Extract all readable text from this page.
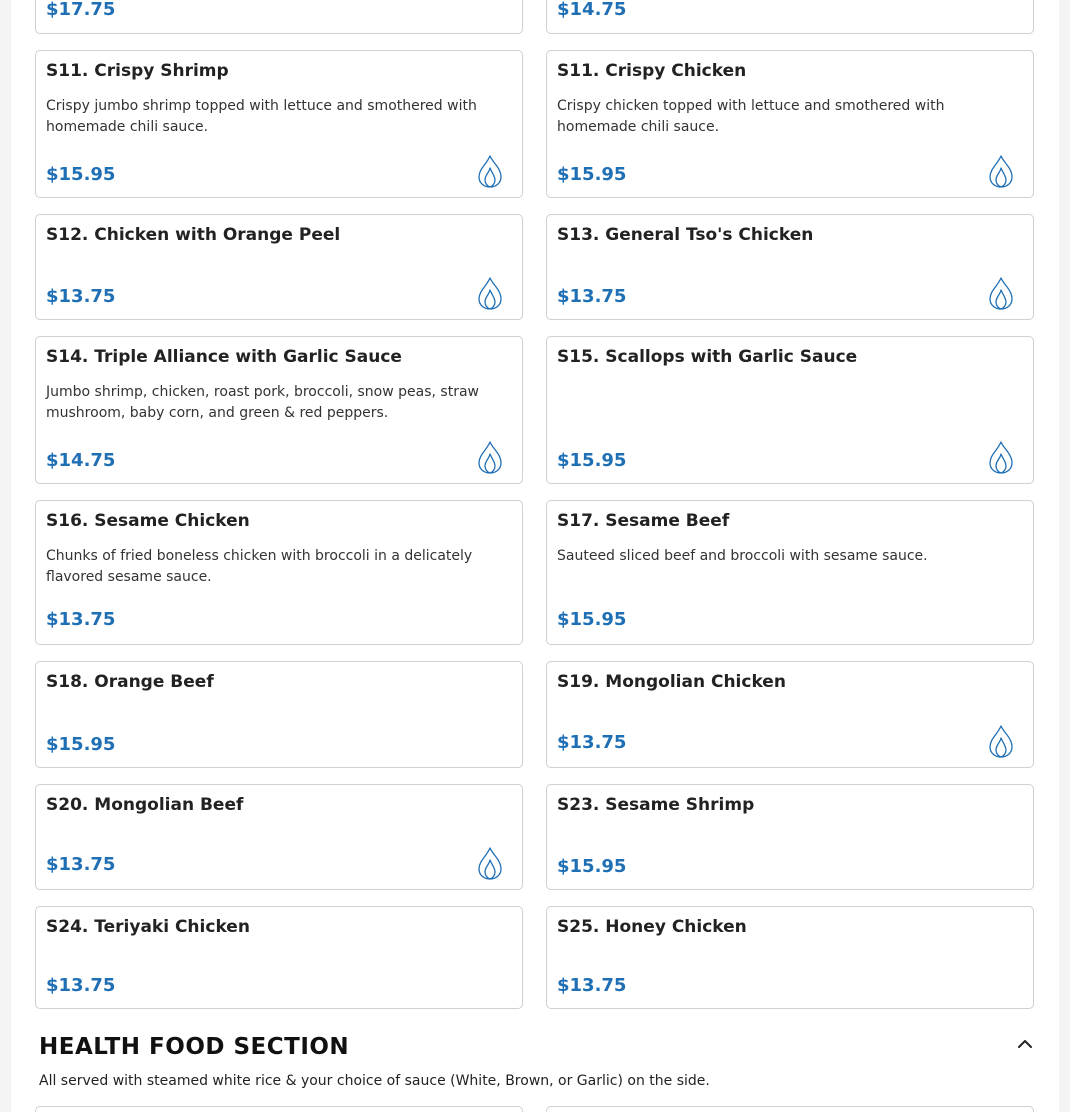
$17.75	$14.75
S11. Crispy Shrimp
Crispy jumbo shrimp topped with lettuce and smothered with homemade chili sauce.
$15.95
S11. Crispy Chicken
Crispy chicken topped with lettuce and smothered with homemade chili sauce.
$15.95
S12. Chicken with Orange Peel
$13.75
S13. General Tso's Chicken
$13.75
S14. Triple Alliance with Garlic Sauce
Jumbo shrimp, chicken, roast pork, broccoli, snow peas, straw mushroom, baby corn, and green & red peppers.
$14.75
S15. Scallops with Garlic Sauce
$15.95
S16. Sesame Chicken
Chunks of fried boneless chicken with broccoli in a delicately flavored sesame sauce.
$13.75
S17. Sesame Beef
Sauteed sliced beef and broccoli with sesame sauce.
$15.95
S18. Orange Beef
$15.95
S19. Mongolian Chicken
$13.75
S20. Mongolian Beef
$13.75
S23. Sesame Shrimp
$15.95
S24. Teriyaki Chicken
$13.75
S25. Honey Chicken
$13.75
HEALTH FOOD SECTION
All served with steamed white rice & your choice of sauce (White, Brown, or Garlic) on the side.
